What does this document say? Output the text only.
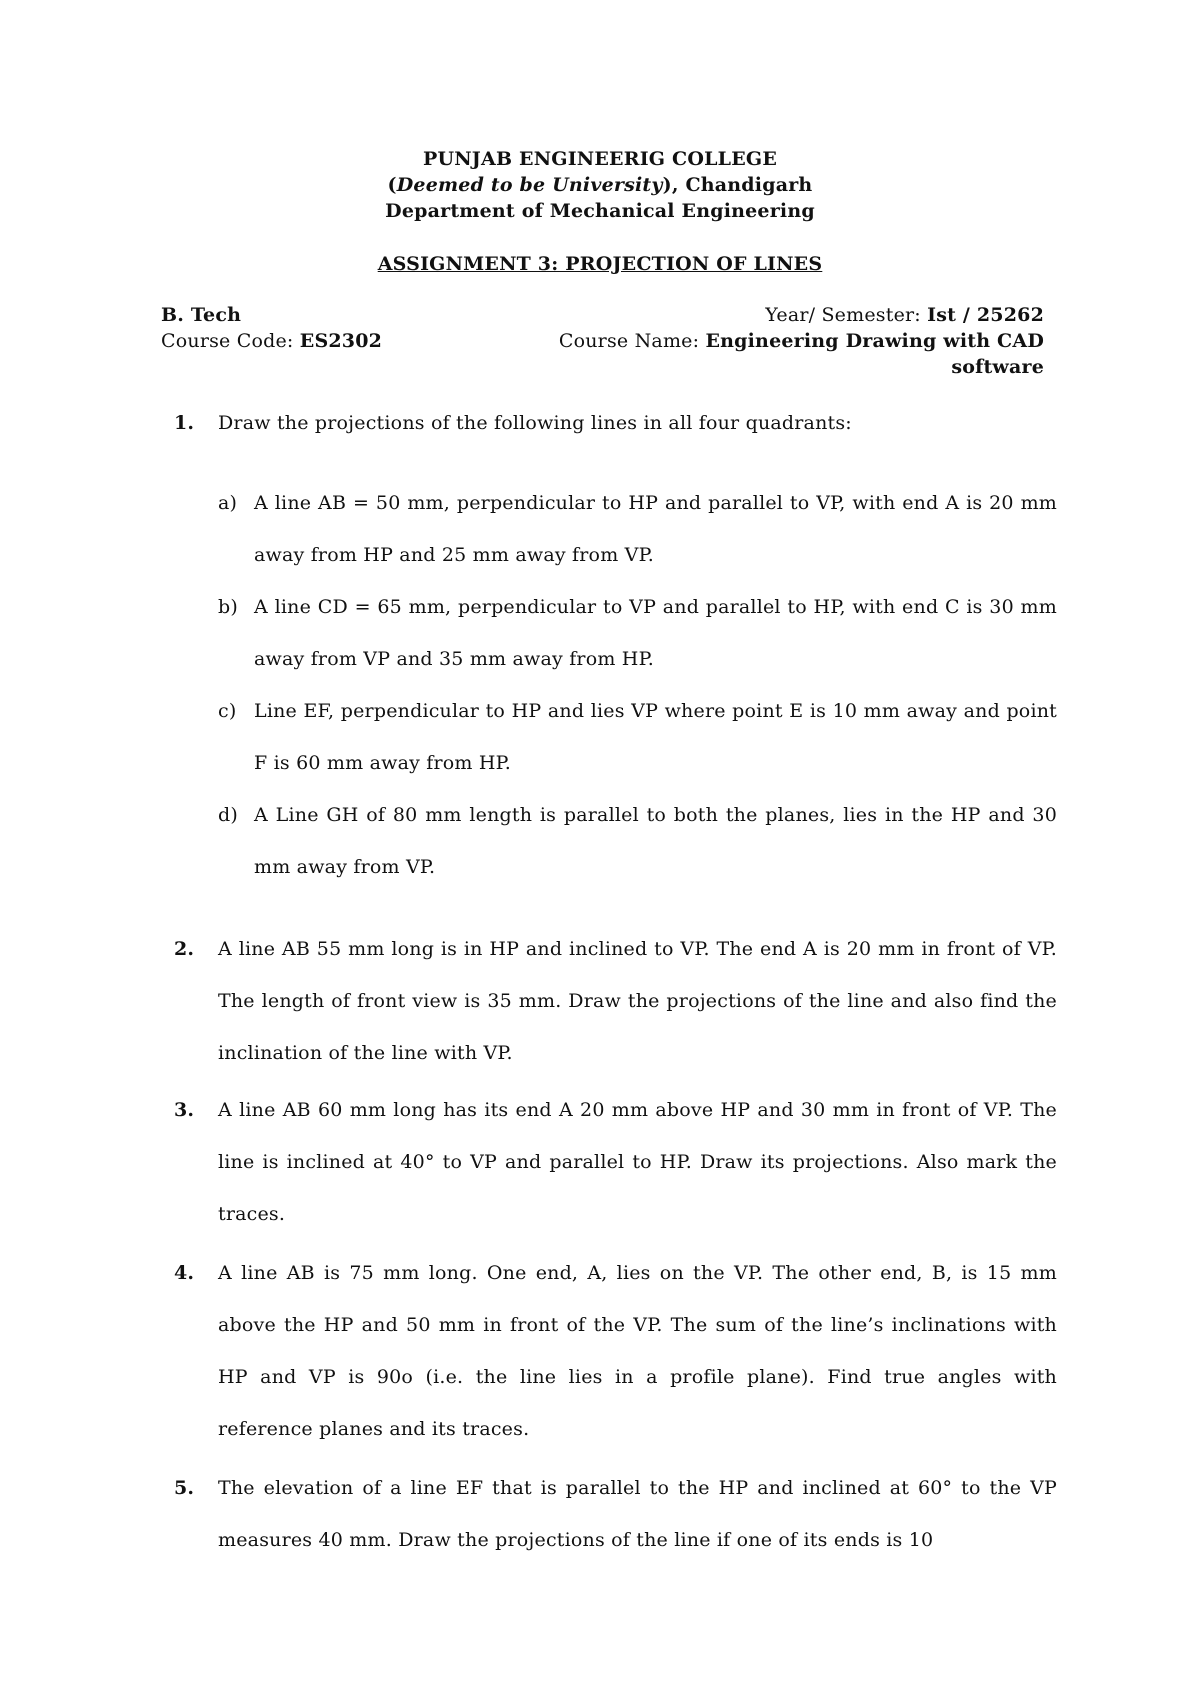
PUNJAB ENGINEERIG COLLEGE
(Deemed to be University), Chandigarh
Department of Mechanical Engineering
ASSIGNMENT 3: PROJECTION OF LINES
B. Tech	Year/ Semester: Ist / 25262
Course Code: ES2302	Course Name: Engineering Drawing with CAD
software
1. Draw the projections of the following lines in all four quadrants:
a) A line AB = 50 mm, perpendicular to HP and parallel to VP, with end A is 20 mm away from HP and 25 mm away from VP.
b) A line CD = 65 mm, perpendicular to VP and parallel to HP, with end C is 30 mm away from VP and 35 mm away from HP.
c) Line EF, perpendicular to HP and lies VP where point E is 10 mm away and point F is 60 mm away from HP.
d) A Line GH of 80 mm length is parallel to both the planes, lies in the HP and 30 mm away from VP.
2. A line AB 55 mm long is in HP and inclined to VP. The end A is 20 mm in front of VP. The length of front view is 35 mm. Draw the projections of the line and also find the inclination of the line with VP.
3. A line AB 60 mm long has its end A 20 mm above HP and 30 mm in front of VP. The line is inclined at 40° to VP and parallel to HP. Draw its projections. Also mark the traces.
4. A line AB is 75 mm long. One end, A, lies on the VP. The other end, B, is 15 mm above the HP and 50 mm in front of the VP. The sum of the line’s inclinations with HP and VP is 90o (i.e. the line lies in a profile plane). Find true angles with reference planes and its traces.
5. The elevation of a line EF that is parallel to the HP and inclined at 60° to the VP measures 40 mm. Draw the projections of the line if one of its ends is 10
